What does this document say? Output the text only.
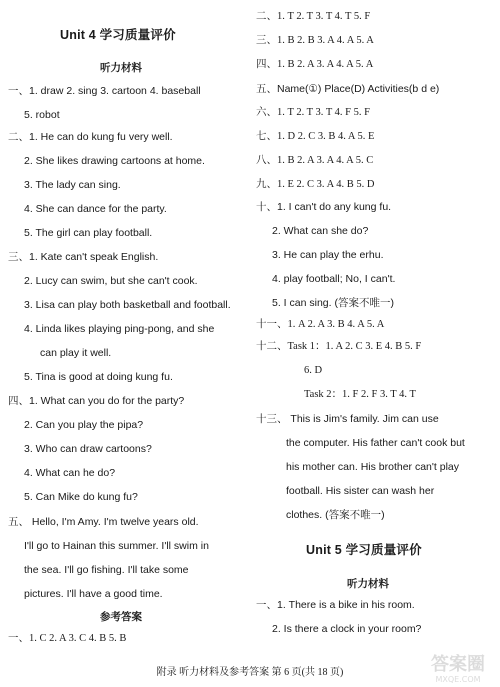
Unit 4 学习质量评价
听力材料
一、1. draw 2. sing 3. cartoon 4. baseball
5. robot
二、1. He can do kung fu very well.
2. She likes drawing cartoons at home.
3. The lady can sing.
4. She can dance for the party.
5. The girl can play football.
三、1. Kate can't speak English.
2. Lucy can swim, but she can't cook.
3. Lisa can play both basketball and football.
4. Linda likes playing ping-pong, and she
can play it well.
5. Tina is good at doing kung fu.
四、1. What can you do for the party?
2. Can you play the pipa?
3. Who can draw cartoons?
4. What can he do?
5. Can Mike do kung fu?
五、 Hello, I'm Amy. I'm twelve years old.
I'll go to Hainan this summer. I'll swim in
the sea. I'll go fishing. I'll take some
pictures. I'll have a good time.
参考答案
一、1. C 2. A 3. C 4. B 5. B
二、1. T 2. T 3. T 4. T 5. F
三、1. B 2. B 3. A 4. A 5. A
四、1. B 2. A 3. A 4. A 5. A
五、Name(①) Place(D) Activities(b d e)
六、1. T 2. T 3. T 4. F 5. F
七、1. D 2. C 3. B 4. A 5. E
八、1. B 2. A 3. A 4. A 5. C
九、1. E 2. C 3. A 4. B 5. D
十、1. I can't do any kung fu.
2. What can she do?
3. He can play the erhu.
4. play football; No, I can't.
5. I can sing. (答案不唯一)
十一、1. A 2. A 3. B 4. A 5. A
十二、Task 1：1. A 2. C 3. E 4. B 5. F
6. D
Task 2：1. F 2. F 3. T 4. T
十三、 This is Jim's family. Jim can use
the computer. His father can't cook but
his mother can. His brother can't play
football. His sister can wash her
clothes. (答案不唯一)
Unit 5 学习质量评价
听力材料
一、1. There is a bike in his room.
2. Is there a clock in your room?
附录 听力材料及参考答案 第 6 页(共 18 页)	答案圈
MXQE.COM
